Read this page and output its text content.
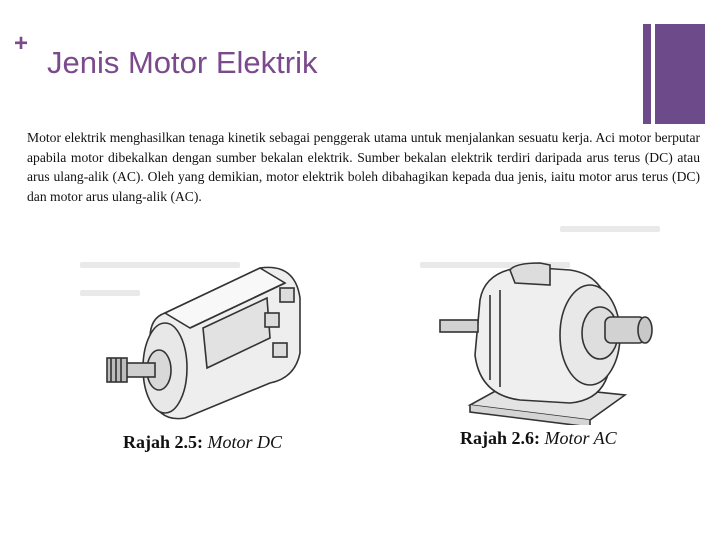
+
Jenis Motor Elektrik

Motor elektrik menghasilkan tenaga kinetik sebagai penggerak utama untuk menjalankan sesuatu kerja. Aci motor berputar apabila motor dibekalkan dengan sumber bekalan elektrik. Sumber bekalan elektrik terdiri daripada arus terus (DC) atau arus ulang-alik (AC). Oleh yang demikian, motor elektrik boleh dibahagikan kepada dua jenis, iaitu motor arus terus (DC) dan motor arus ulang-alik (AC).

Rajah 2.5: Motor DC	Rajah 2.6: Motor AC
